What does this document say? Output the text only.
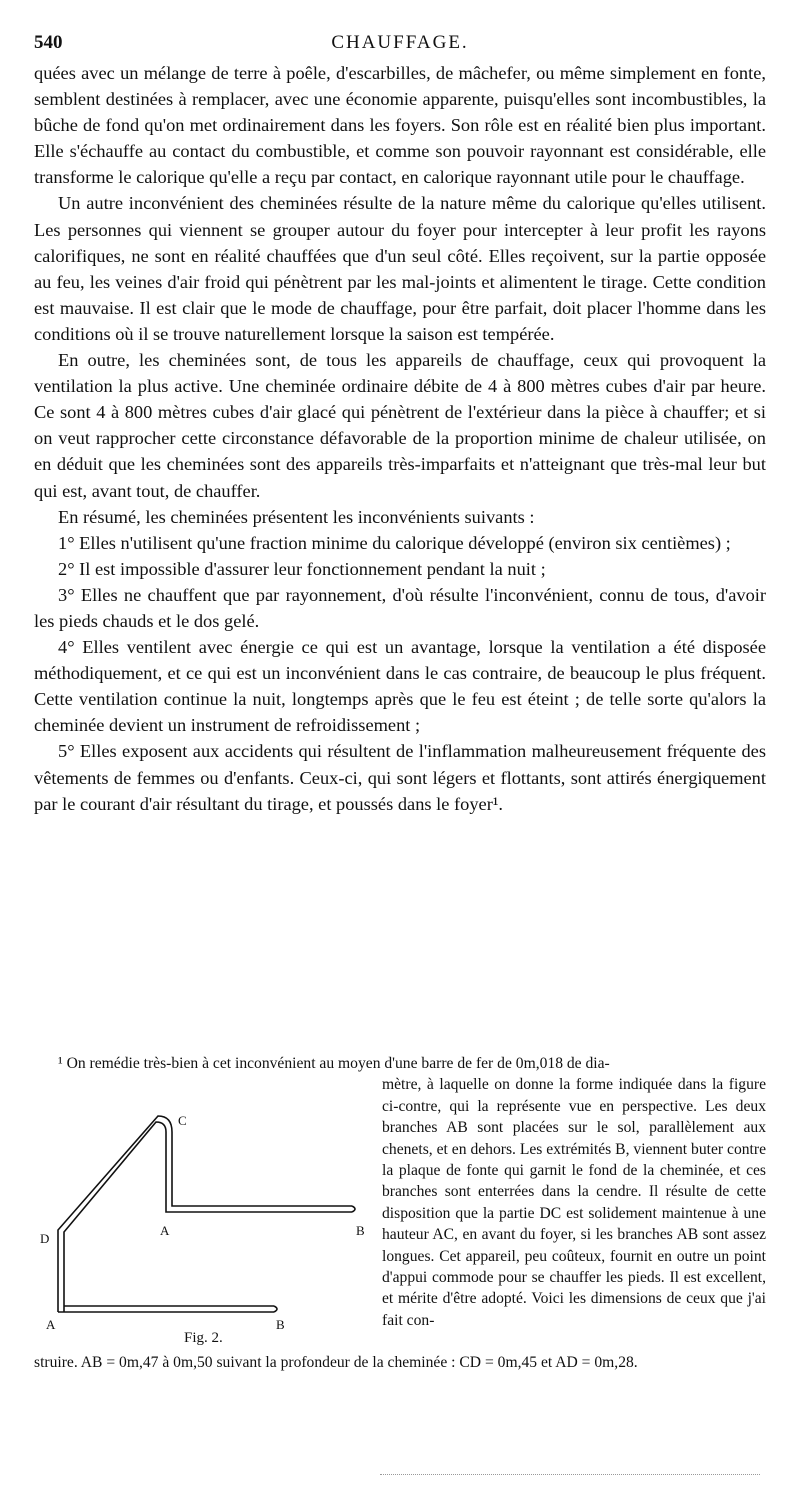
540	CHAUFFAGE.

quées avec un mélange de terre à poêle, d'escarbilles, de mâchefer, ou même simplement en fonte, semblent destinées à remplacer, avec une économie apparente, puisqu'elles sont incombustibles, la bûche de fond qu'on met ordinairement dans les foyers. Son rôle est en réalité bien plus important. Elle s'échauffe au contact du combustible, et comme son pouvoir rayonnant est considérable, elle transforme le calorique qu'elle a reçu par contact, en calorique rayonnant utile pour le chauffage.

Un autre inconvénient des cheminées résulte de la nature même du calorique qu'elles utilisent. Les personnes qui viennent se grouper autour du foyer pour intercepter à leur profit les rayons calorifiques, ne sont en réalité chauffées que d'un seul côté. Elles reçoivent, sur la partie opposée au feu, les veines d'air froid qui pénètrent par les mal-joints et alimentent le tirage. Cette condition est mauvaise. Il est clair que le mode de chauffage, pour être parfait, doit placer l'homme dans les conditions où il se trouve naturellement lorsque la saison est tempérée.

En outre, les cheminées sont, de tous les appareils de chauffage, ceux qui provoquent la ventilation la plus active. Une cheminée ordinaire débite de 4 à 800 mètres cubes d'air par heure. Ce sont 4 à 800 mètres cubes d'air glacé qui pénètrent de l'extérieur dans la pièce à chauffer; et si on veut rapprocher cette circonstance défavorable de la proportion minime de chaleur utilisée, on en déduit que les cheminées sont des appareils très-imparfaits et n'atteignant que très-mal leur but qui est, avant tout, de chauffer.

En résumé, les cheminées présentent les inconvénients suivants :

1° Elles n'utilisent qu'une fraction minime du calorique développé (environ six centièmes) ;

2° Il est impossible d'assurer leur fonctionnement pendant la nuit ;

3° Elles ne chauffent que par rayonnement, d'où résulte l'inconvénient, connu de tous, d'avoir les pieds chauds et le dos gelé.

4° Elles ventilent avec énergie ce qui est un avantage, lorsque la ventilation a été disposée méthodiquement, et ce qui est un inconvénient dans le cas contraire, de beaucoup le plus fréquent. Cette ventilation continue la nuit, longtemps après que le feu est éteint ; de telle sorte qu'alors la cheminée devient un instrument de refroidissement ;

5° Elles exposent aux accidents qui résultent de l'inflammation malheureusement fréquente des vêtements de femmes ou d'enfants. Ceux-ci, qui sont légers et flottants, sont attirés énergiquement par le courant d'air résultant du tirage, et poussés dans le foyer¹.

¹ On remédie très-bien à cet inconvénient au moyen d'une barre de fer de 0m,018 de dia-

C
A	B
D
A	B
Fig. 2.

mètre, à laquelle on donne la forme indiquée dans la figure ci-contre, qui la représente vue en perspective. Les deux branches AB sont placées sur le sol, parallèlement aux chenets, et en dehors. Les extrémités B, viennent buter contre la plaque de fonte qui garnit le fond de la cheminée, et ces branches sont enterrées dans la cendre. Il résulte de cette disposition que la partie DC est solidement maintenue à une hauteur AC, en avant du foyer, si les branches AB sont assez longues. Cet appareil, peu coûteux, fournit en outre un point d'appui commode pour se chauffer les pieds. Il est excellent, et mérite d'être adopté. Voici les dimensions de ceux que j'ai fait con-

struire. AB = 0m,47 à 0m,50 suivant la profondeur de la cheminée : CD = 0m,45 et AD = 0m,28.
